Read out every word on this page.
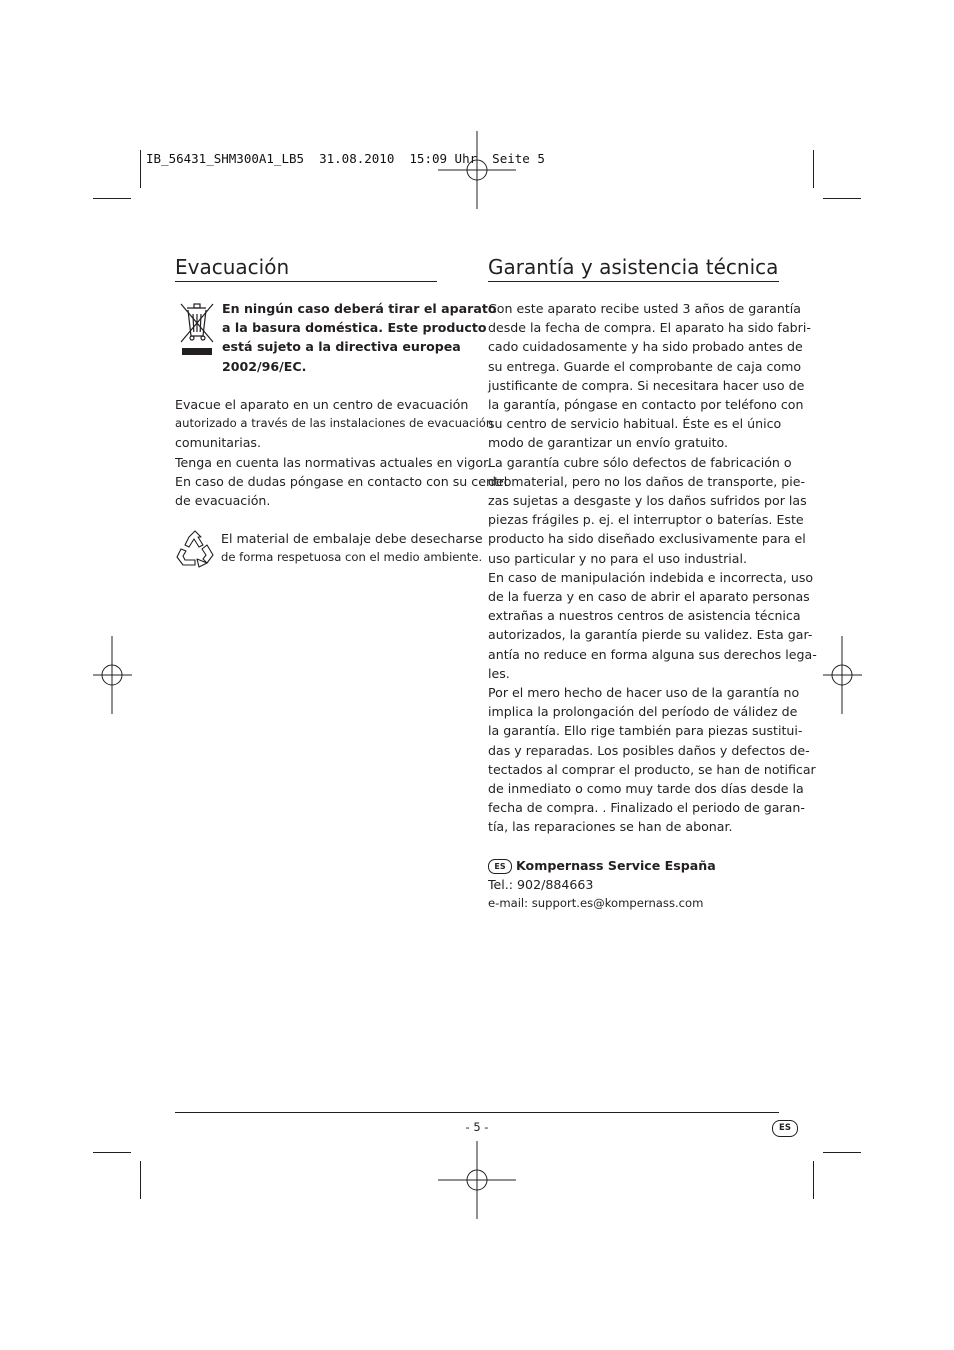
IB_56431_SHM300A1_LB5  31.08.2010  15:09 Uhr  Seite 5
Evacuación

En ningún caso deberá tirar el aparato
a la basura doméstica. Este producto
está sujeto a la directiva europea
2002/96/EC.

Evacue el aparato en un centro de evacuación
autorizado a través de las instalaciones de evacuación
comunitarias.
Tenga en cuenta las normativas actuales en vigor.
En caso de dudas póngase en contacto con su centro
de evacuación.

El material de embalaje debe desecharse
de forma respetuosa con el medio ambiente.

Garantía y asistencia técnica

Con este aparato recibe usted 3 años de garantía
desde la fecha de compra. El aparato ha sido fabri-
cado cuidadosamente y ha sido probado antes de
su entrega. Guarde el comprobante de caja como
justificante de compra. Si necesitara hacer uso de
la garantía, póngase en contacto por teléfono con
su centro de servicio habitual. Éste es el único
modo de garantizar un envío gratuito.
La garantía cubre sólo defectos de fabricación o
del material, pero no los daños de transporte, pie-
zas sujetas a desgaste y los daños sufridos por las
piezas frágiles p. ej. el interruptor o baterías. Este
producto ha sido diseñado exclusivamente para el
uso particular y no para el uso industrial.
En caso de manipulación indebida e incorrecta, uso
de la fuerza y en caso de abrir el aparato personas
extrañas a nuestros centros de asistencia técnica
autorizados, la garantía pierde su validez. Esta gar-
antía no reduce en forma alguna sus derechos lega-
les.
Por el mero hecho de hacer uso de la garantía no
implica la prolongación del período de válidez de
la garantía. Ello rige también para piezas sustitui-
das y reparadas. Los posibles daños y defectos de-
tectados al comprar el producto, se han de notificar
de inmediato o como muy tarde dos días desde la
fecha de compra. . Finalizado el periodo de garan-
tía, las reparaciones se han de abonar.

ES Kompernass Service España
Tel.: 902/884663
e-mail: support.es@kompernass.com

- 5 -	ES
